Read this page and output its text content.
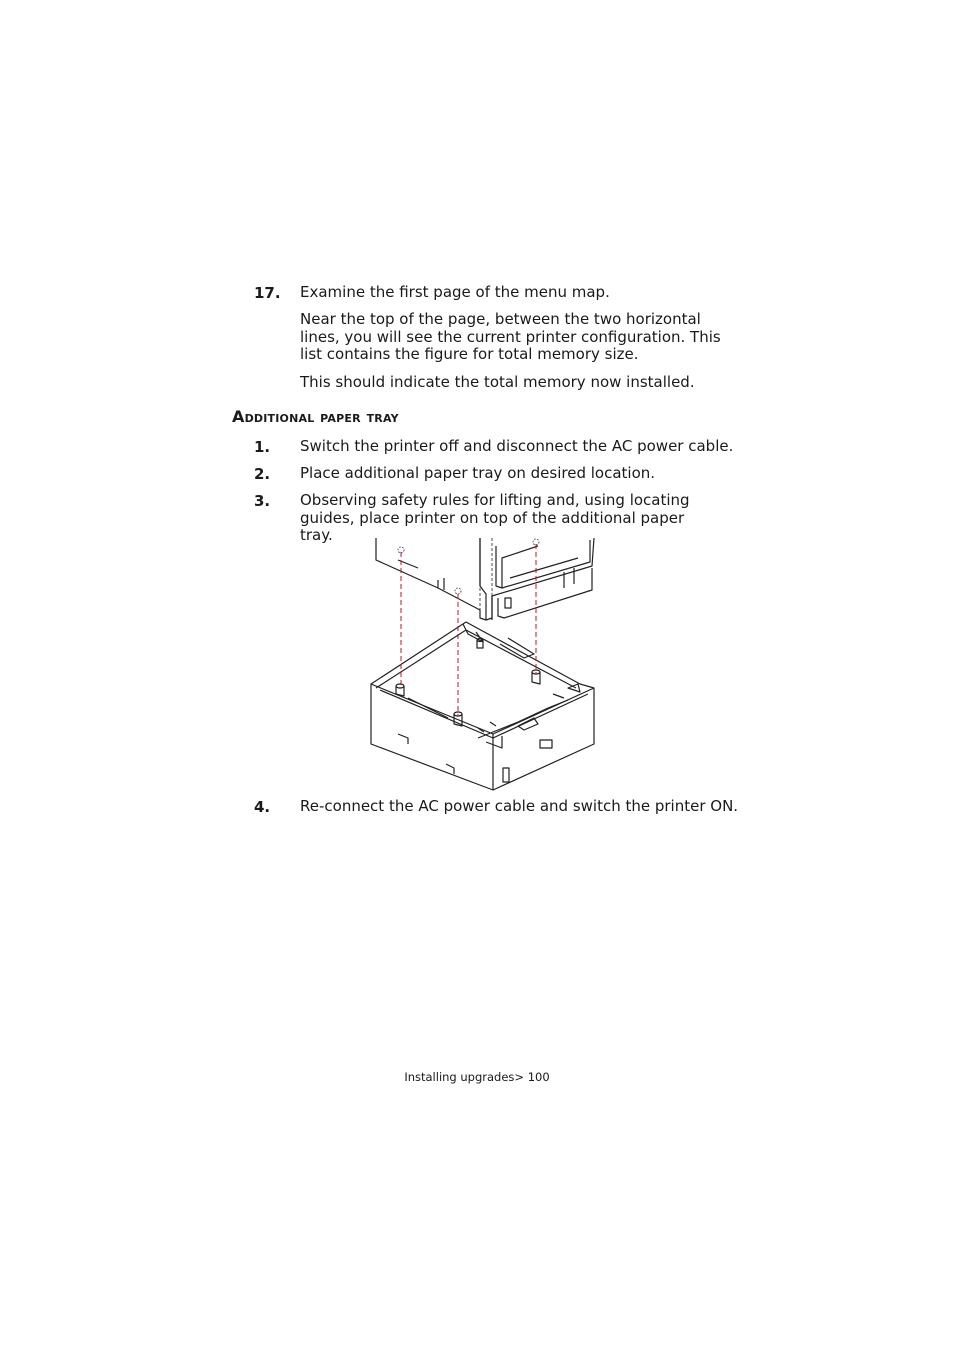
17. Examine the first page of the menu map.
Near the top of the page, between the two horizontal lines, you will see the current printer configuration. This list contains the figure for total memory size.
This should indicate the total memory now installed.
Additional paper tray
1. Switch the printer off and disconnect the AC power cable.
2. Place additional paper tray on desired location.
3. Observing safety rules for lifting and, using locating guides, place printer on top of the additional paper tray.
4. Re-connect the AC power cable and switch the printer ON.
Installing upgrades> 100
